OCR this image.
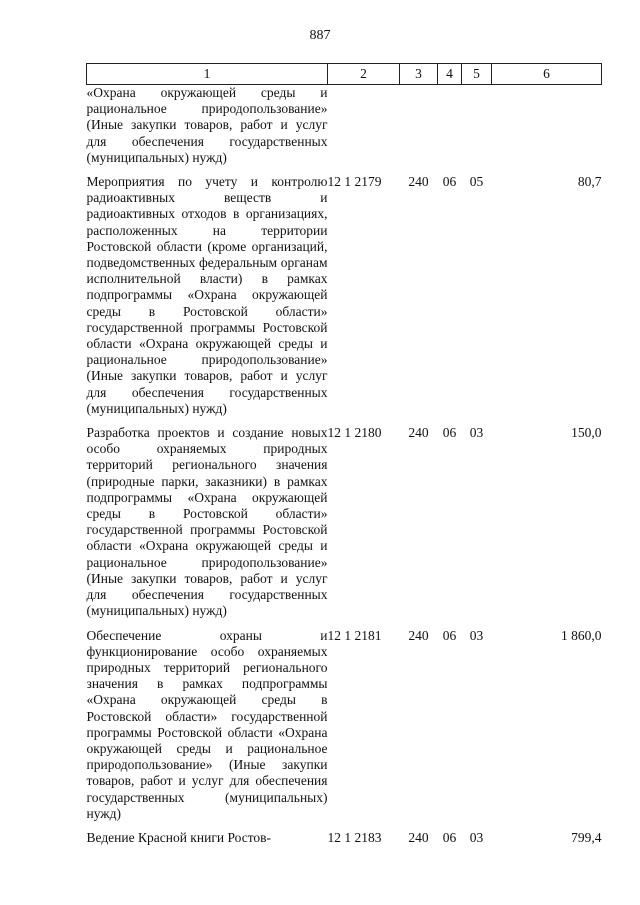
887
1	2	3	4	5	6
«Охрана окружающей среды и рациональное природопользование» (Иные закупки товаров, работ и услуг для обеспечения государственных (муниципальных) нужд)					

Мероприятия по учету и контролю радиоактивных веществ и радиоактивных отходов в организациях, расположенных на территории Ростовской области (кроме организаций, подведомственных федеральным органам исполнительной власти) в рамках подпрограммы «Охрана окружающей среды в Ростовской области» государственной программы Ростовской области «Охрана окружающей среды и рациональное природопользование» (Иные закупки товаров, работ и услуг для обеспечения государственных (муниципальных) нужд)	12 1 2179	240	06	05	80,7

Разработка проектов и создание новых особо охраняемых природных территорий регионального значения (природные парки, заказники) в рамках подпрограммы «Охрана окружающей среды в Ростовской области» государственной программы Ростовской области «Охрана окружающей среды и рациональное природопользование» (Иные закупки товаров, работ и услуг для обеспечения государственных (муниципальных) нужд)	12 1 2180	240	06	03	150,0

Обеспечение охраны и функционирование особо охраняемых природных территорий регионального значения в рамках подпрограммы «Охрана окружающей среды в Ростовской области» государственной программы Ростовской области «Охрана окружающей среды и рациональное природопользование» (Иные закупки товаров, работ и услуг для обеспечения государственных (муниципальных) нужд)	12 1 2181	240	06	03	1 860,0

Ведение Красной книги Ростов-	12 1 2183	240	06	03	799,4
